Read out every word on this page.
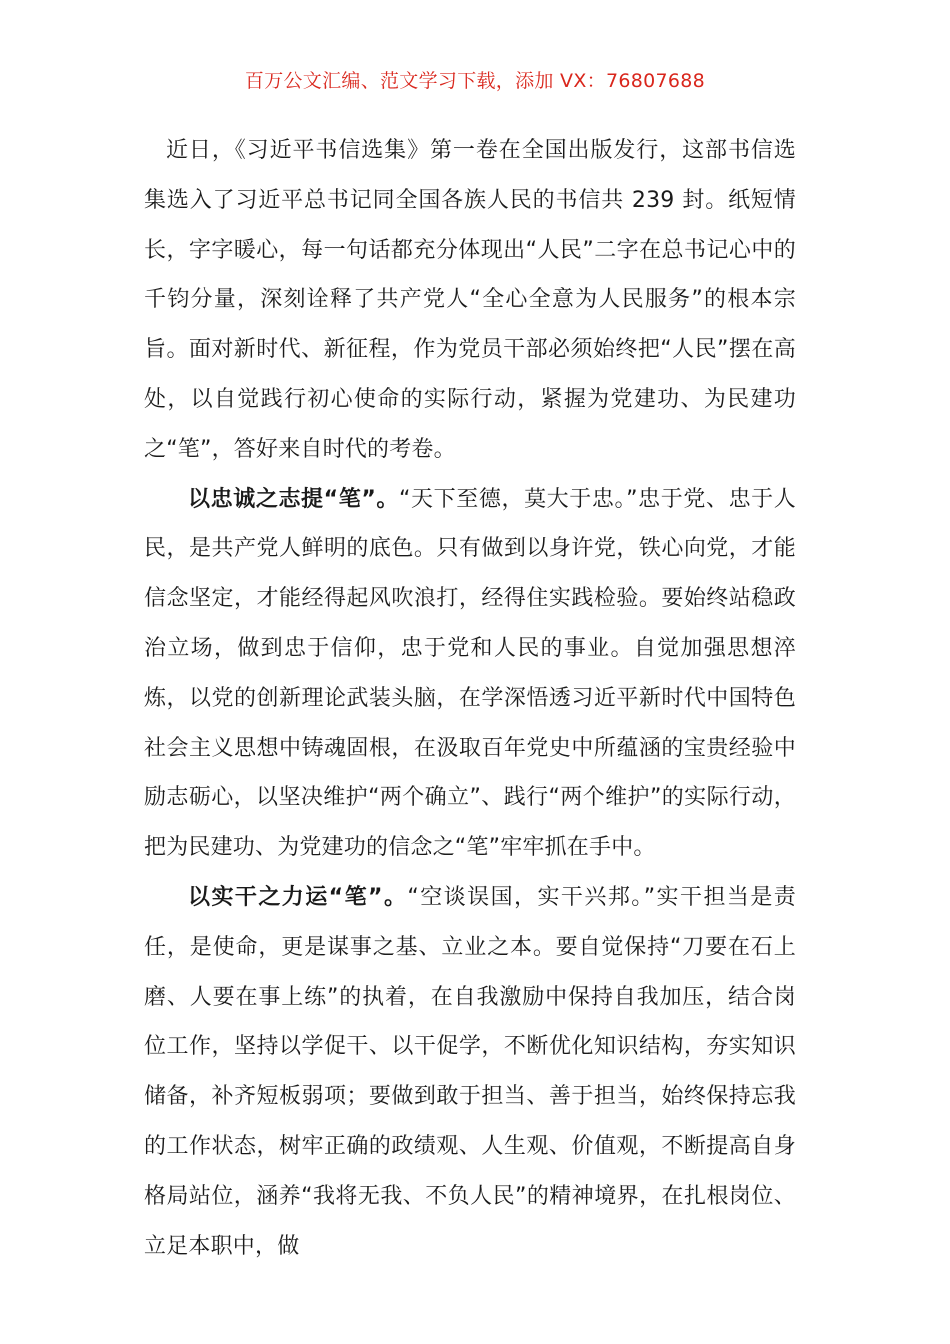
百万公文汇编、范文学习下载，添加 VX：76807688

近日，《习近平书信选集》第一卷在全国出版发行，这部书信选集选入了习近平总书记同全国各族人民的书信共 239 封。纸短情长，字字暖心，每一句话都充分体现出“人民”二字在总书记心中的千钧分量，深刻诠释了共产党人“全心全意为人民服务”的根本宗旨。面对新时代、新征程，作为党员干部必须始终把“人民”摆在高处，以自觉践行初心使命的实际行动，紧握为党建功、为民建功之“笔”，答好来自时代的考卷。

以忠诚之志提“笔”。“天下至德，莫大于忠。”忠于党、忠于人民，是共产党人鲜明的底色。只有做到以身许党，铁心向党，才能信念坚定，才能经得起风吹浪打，经得住实践检验。要始终站稳政治立场，做到忠于信仰，忠于党和人民的事业。自觉加强思想淬炼，以党的创新理论武装头脑，在学深悟透习近平新时代中国特色社会主义思想中铸魂固根，在汲取百年党史中所蕴涵的宝贵经验中励志砺心，以坚决维护“两个确立”、践行“两个维护”的实际行动，把为民建功、为党建功的信念之“笔”牢牢抓在手中。

以实干之力运“笔”。“空谈误国，实干兴邦。”实干担当是责任，是使命，更是谋事之基、立业之本。要自觉保持“刀要在石上磨、人要在事上练”的执着，在自我激励中保持自我加压，结合岗位工作，坚持以学促干、以干促学，不断优化知识结构，夯实知识储备，补齐短板弱项；要做到敢于担当、善于担当，始终保持忘我的工作状态，树牢正确的政绩观、人生观、价值观，不断提高自身格局站位，涵养“我将无我、不负人民”的精神境界，在扎根岗位、立足本职中，做
